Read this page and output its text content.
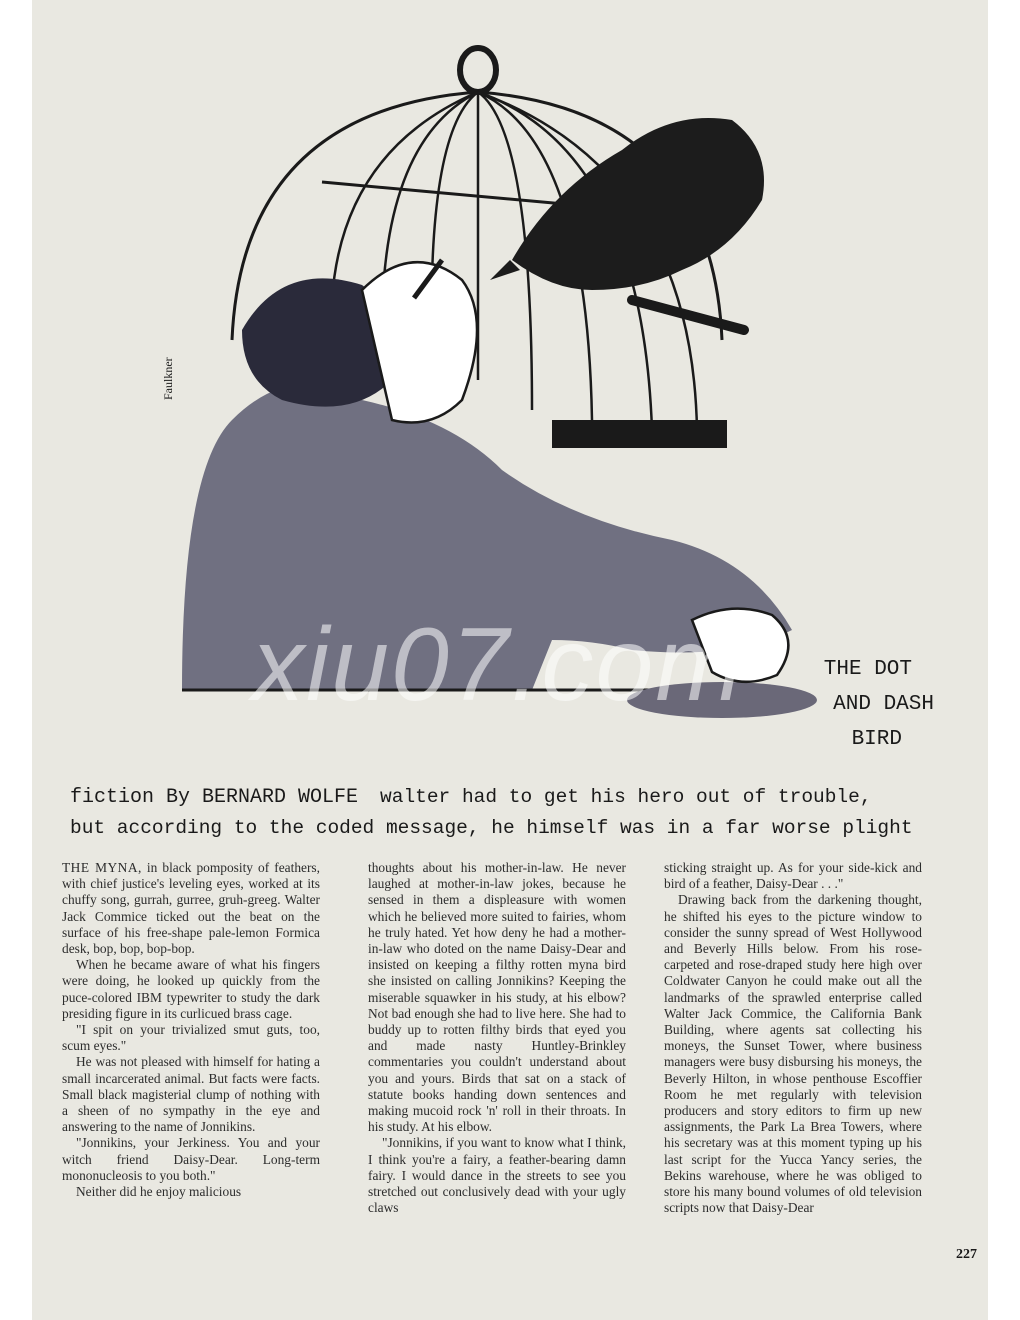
Faulkner
xiu07.com	THE DOT
AND DASH
BIRD
fiction By BERNARD WOLFE walter had to get his hero out of trouble,
but according to the coded message, he himself was in a far worse plight

THE MYNA, in black pomposity of feathers, with chief justice's leveling eyes, worked at its chuffy song, gurrah, gurree, gruh-greeg. Walter Jack Commice ticked out the beat on the surface of his free-shape pale-lemon Formica desk, bop, bop, bop-bop.

When he became aware of what his fingers were doing, he looked up quickly from the puce-colored IBM typewriter to study the dark presiding figure in its curlicued brass cage.

"I spit on your trivialized smut guts, too, scum eyes."

He was not pleased with himself for hating a small incarcerated animal. But facts were facts. Small black magisterial clump of nothing with a sheen of no sympathy in the eye and answering to the name of Jonnikins.

"Jonnikins, your Jerkiness. You and your witch friend Daisy-Dear. Long-term mononucleosis to you both."

Neither did he enjoy malicious

thoughts about his mother-in-law. He never laughed at mother-in-law jokes, because he sensed in them a displeasure with women which he believed more suited to fairies, whom he truly hated. Yet how deny he had a mother-in-law who doted on the name Daisy-Dear and insisted on keeping a filthy rotten myna bird she insisted on calling Jonnikins? Keeping the miserable squawker in his study, at his elbow? Not bad enough she had to live here. She had to buddy up to rotten filthy birds that eyed you and made nasty Huntley-Brinkley commentaries you couldn't understand about you and yours. Birds that sat on a stack of statute books handing down sentences and making mucoid rock 'n' roll in their throats. In his study. At his elbow.

"Jonnikins, if you want to know what I think, I think you're a fairy, a feather-bearing damn fairy. I would dance in the streets to see you stretched out conclusively dead with your ugly claws

sticking straight up. As for your side-kick and bird of a feather, Daisy-Dear . . ."

Drawing back from the darkening thought, he shifted his eyes to the picture window to consider the sunny spread of West Hollywood and Beverly Hills below. From his rose-carpeted and rose-draped study here high over Coldwater Canyon he could make out all the landmarks of the sprawled enterprise called Walter Jack Commice, the California Bank Building, where agents sat collecting his moneys, the Sunset Tower, where business managers were busy disbursing his moneys, the Beverly Hilton, in whose penthouse Escoffier Room he met regularly with television producers and story editors to firm up new assignments, the Park La Brea Towers, where his secretary was at this moment typing up his last script for the Yucca Yancy series, the Bekins warehouse, where he was obliged to store his many bound volumes of old television scripts now that Daisy-Dear

227
